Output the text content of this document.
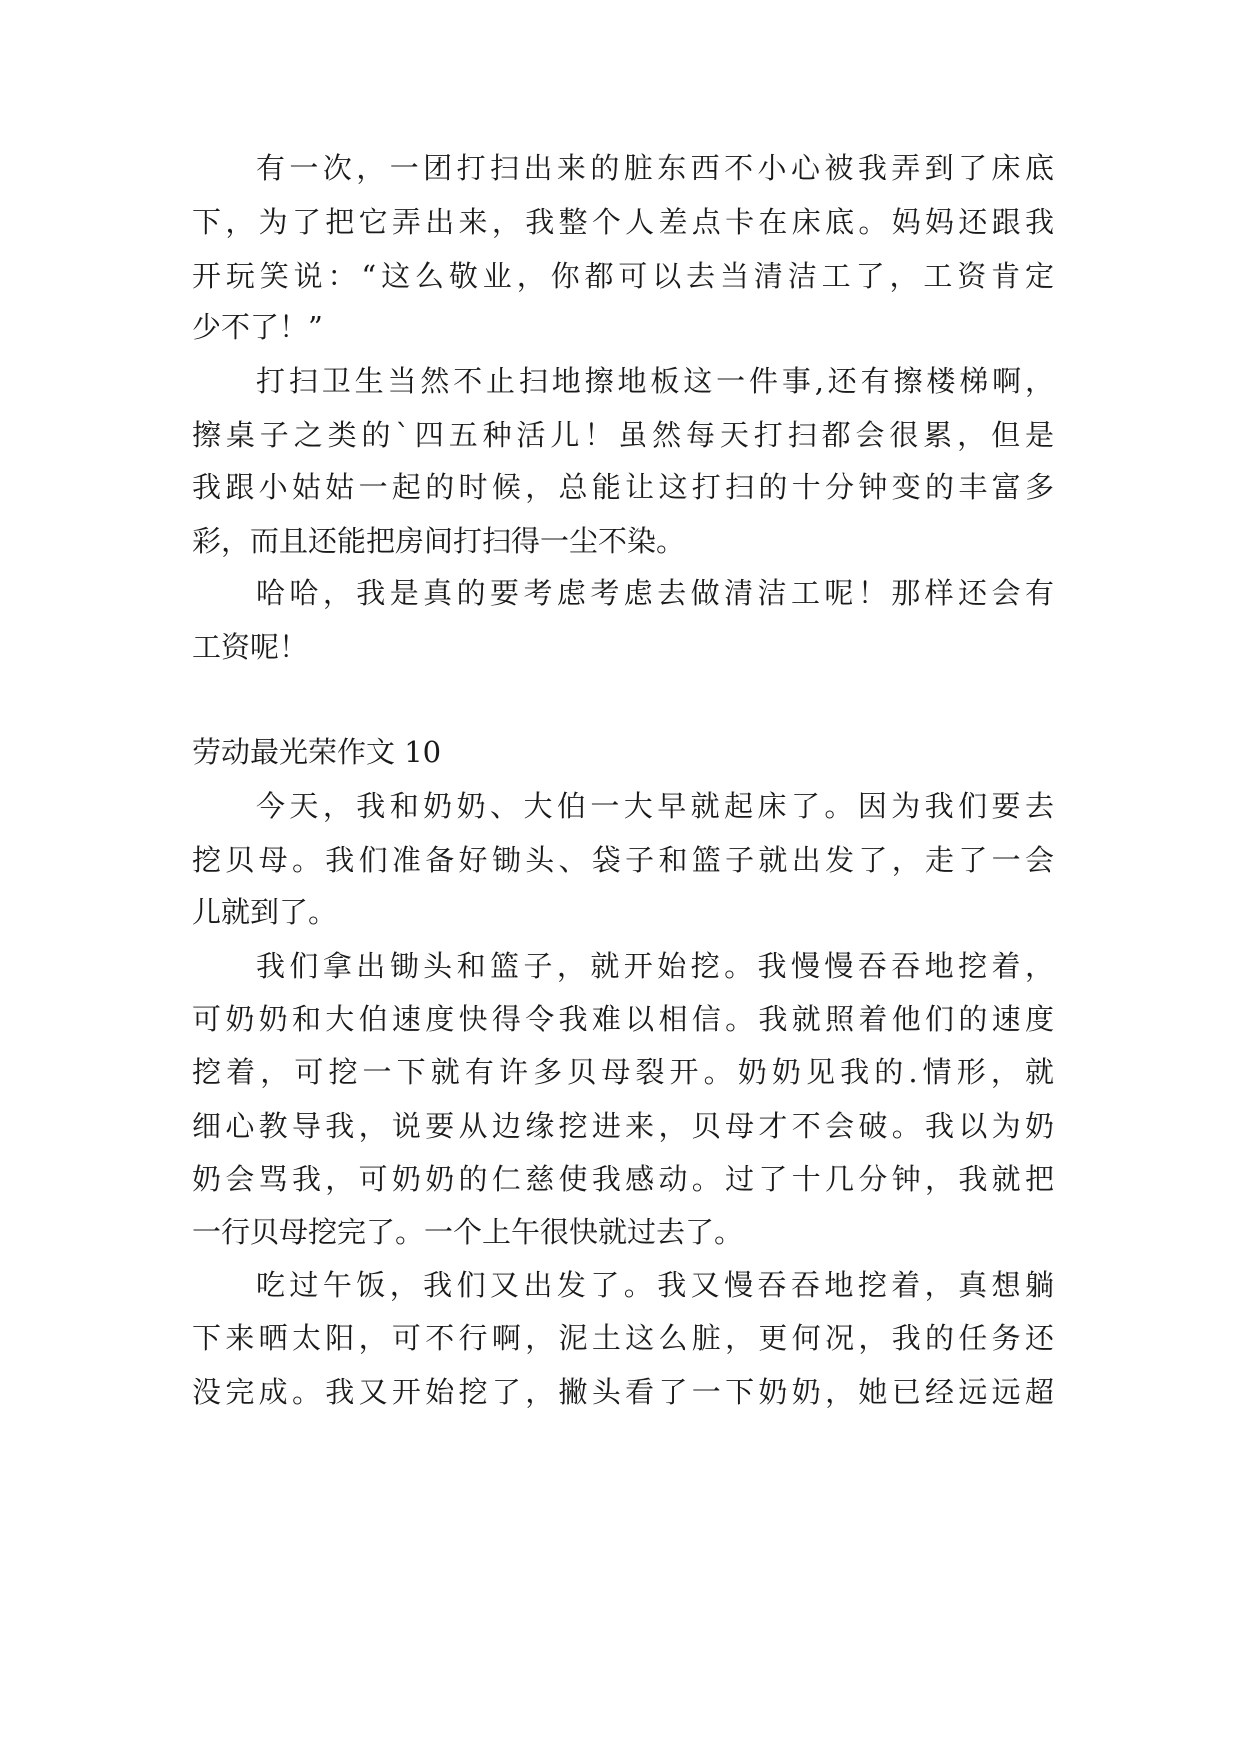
有一次，一团打扫出来的脏东西不小心被我弄到了床底

下，为了把它弄出来，我整个人差点卡在床底。妈妈还跟我

开玩笑说：“这么敬业，你都可以去当清洁工了，工资肯定

少不了！”

打扫卫生当然不止扫地擦地板这一件事,还有擦楼梯啊，

擦桌子之类的`四五种活儿！虽然每天打扫都会很累，但是

我跟小姑姑一起的时候，总能让这打扫的十分钟变的丰富多

彩，而且还能把房间打扫得一尘不染。

哈哈，我是真的要考虑考虑去做清洁工呢！那样还会有

工资呢！

劳动最光荣作文 10

今天，我和奶奶、大伯一大早就起床了。因为我们要去

挖贝母。我们准备好锄头、袋子和篮子就出发了，走了一会

儿就到了。

我们拿出锄头和篮子，就开始挖。我慢慢吞吞地挖着，

可奶奶和大伯速度快得令我难以相信。我就照着他们的速度

挖着，可挖一下就有许多贝母裂开。奶奶见我的.情形，就

细心教导我，说要从边缘挖进来，贝母才不会破。我以为奶

奶会骂我，可奶奶的仁慈使我感动。过了十几分钟，我就把

一行贝母挖完了。一个上午很快就过去了。

吃过午饭，我们又出发了。我又慢吞吞地挖着，真想躺

下来晒太阳，可不行啊，泥土这么脏，更何况，我的任务还

没完成。我又开始挖了，撇头看了一下奶奶，她已经远远超
